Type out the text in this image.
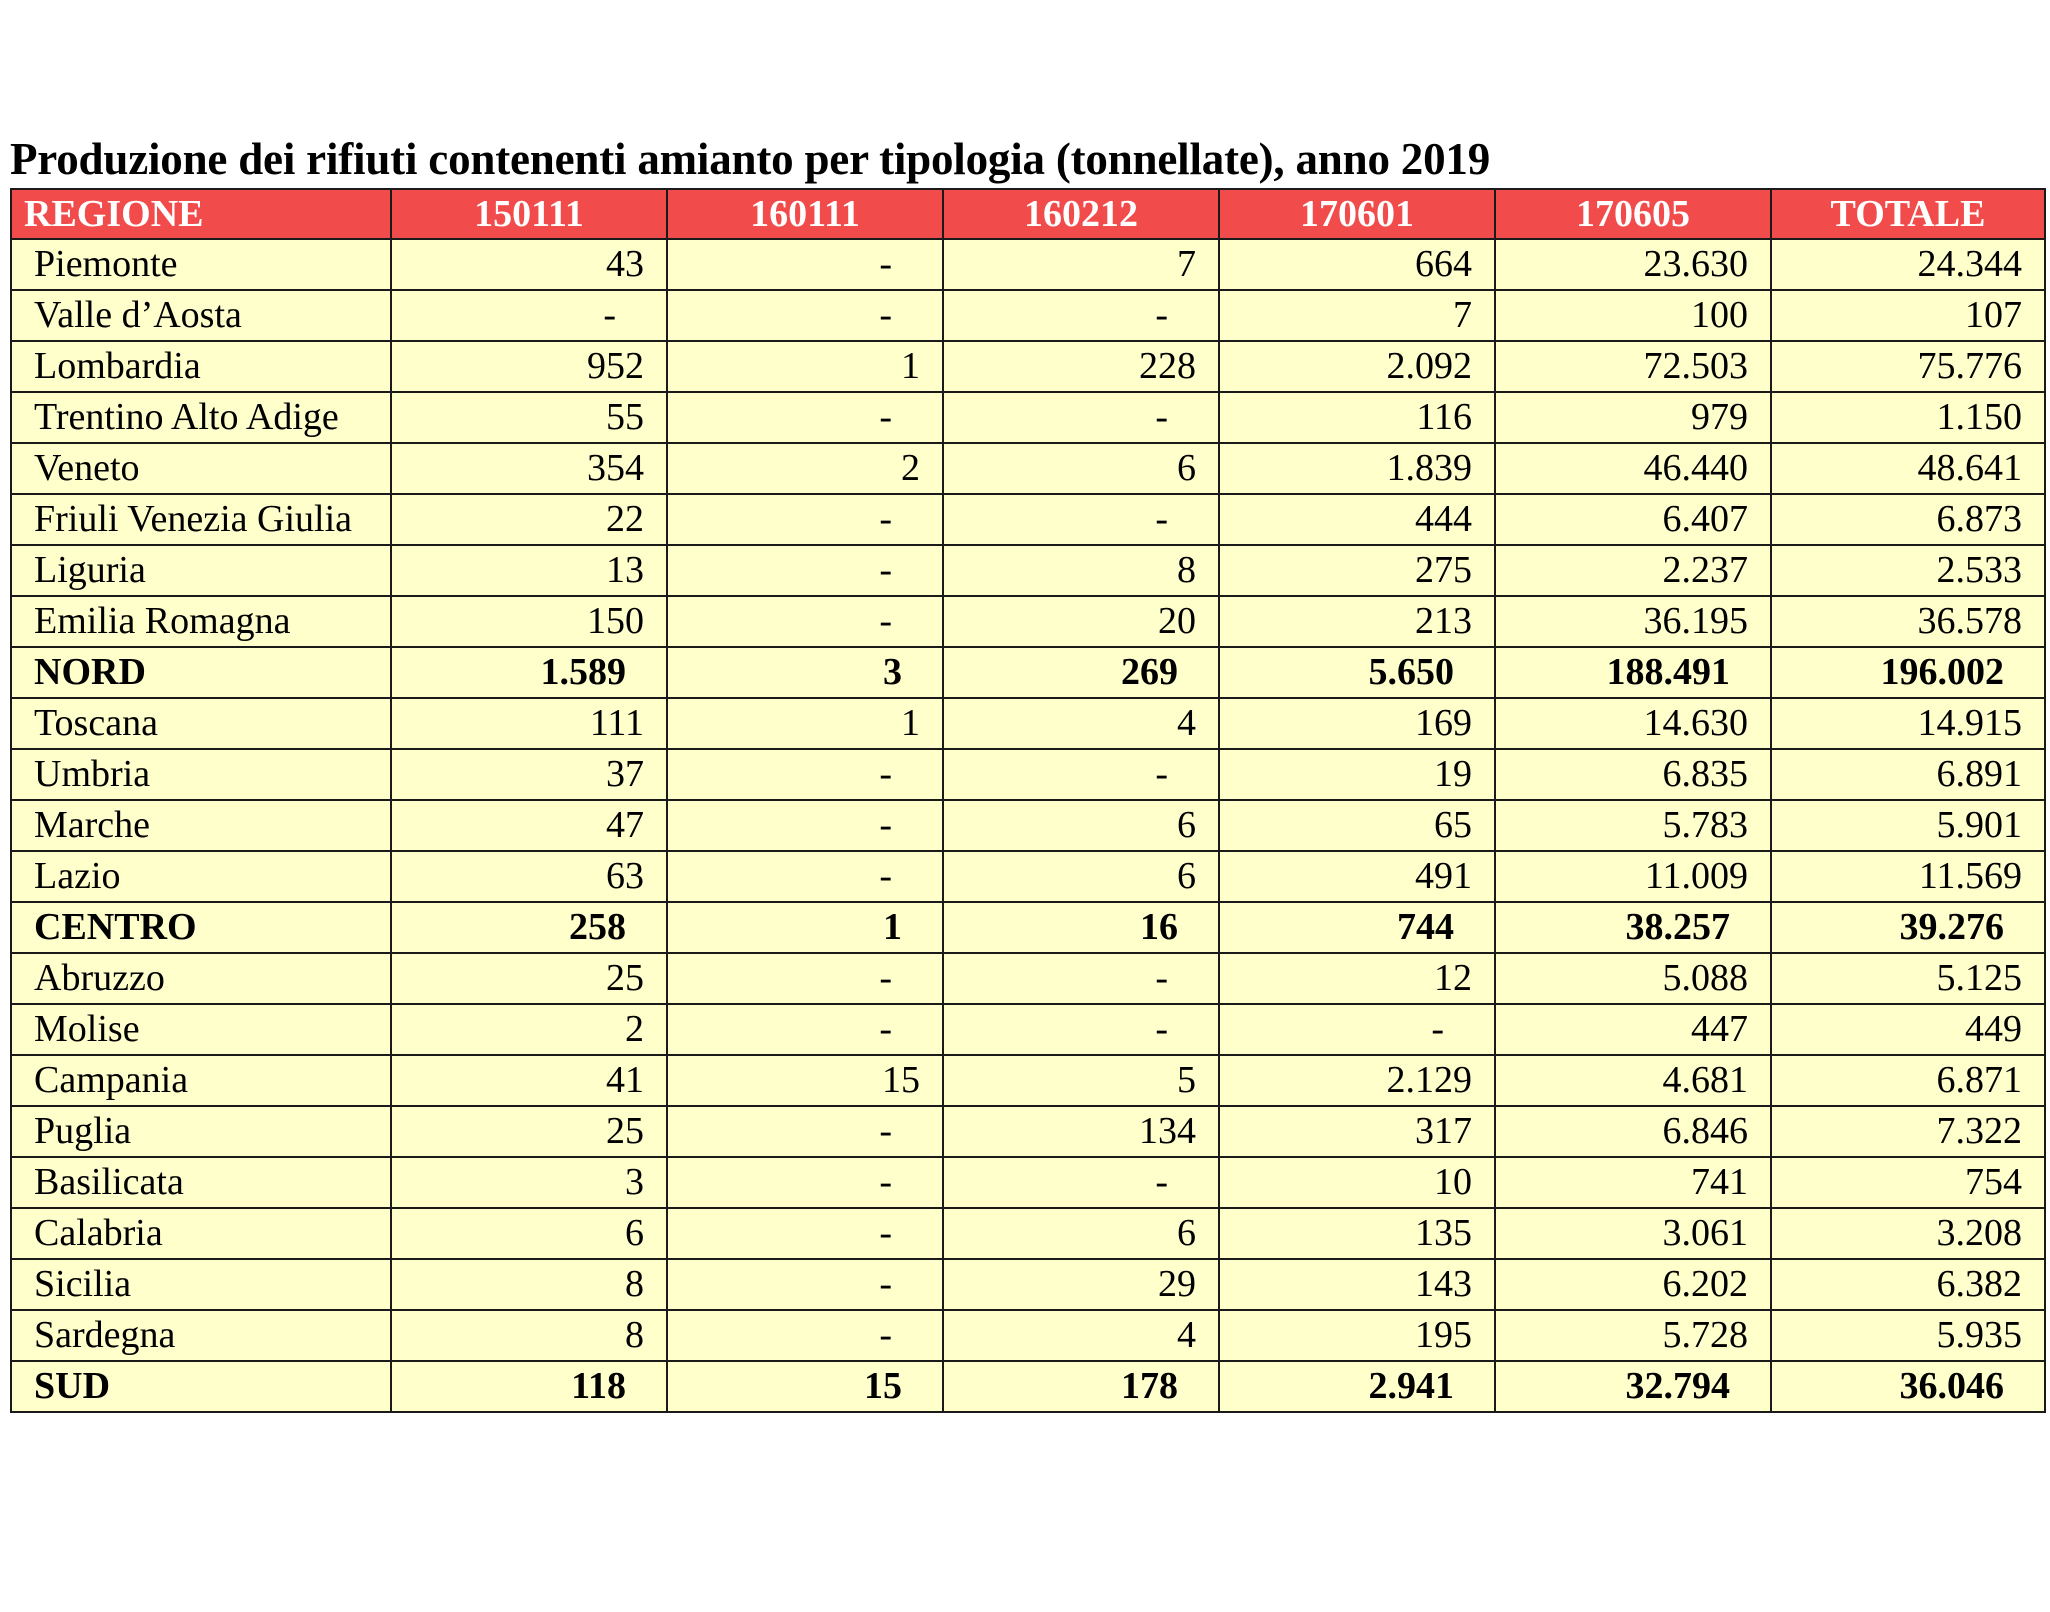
Produzione dei rifiuti contenenti amianto per tipologia (tonnellate), anno 2019
REGIONE	150111	160111	160212	170601	170605	TOTALE
Piemonte	43	-	7	664	23.630	24.344
Valle d’Aosta	-	-	-	7	100	107
Lombardia	952	1	228	2.092	72.503	75.776
Trentino Alto Adige	55	-	-	116	979	1.150
Veneto	354	2	6	1.839	46.440	48.641
Friuli Venezia Giulia	22	-	-	444	6.407	6.873
Liguria	13	-	8	275	2.237	2.533
Emilia Romagna	150	-	20	213	36.195	36.578
NORD	1.589	3	269	5.650	188.491	196.002
Toscana	111	1	4	169	14.630	14.915
Umbria	37	-	-	19	6.835	6.891
Marche	47	-	6	65	5.783	5.901
Lazio	63	-	6	491	11.009	11.569
CENTRO	258	1	16	744	38.257	39.276
Abruzzo	25	-	-	12	5.088	5.125
Molise	2	-	-	-	447	449
Campania	41	15	5	2.129	4.681	6.871
Puglia	25	-	134	317	6.846	7.322
Basilicata	3	-	-	10	741	754
Calabria	6	-	6	135	3.061	3.208
Sicilia	8	-	29	143	6.202	6.382
Sardegna	8	-	4	195	5.728	5.935
SUD	118	15	178	2.941	32.794	36.046
